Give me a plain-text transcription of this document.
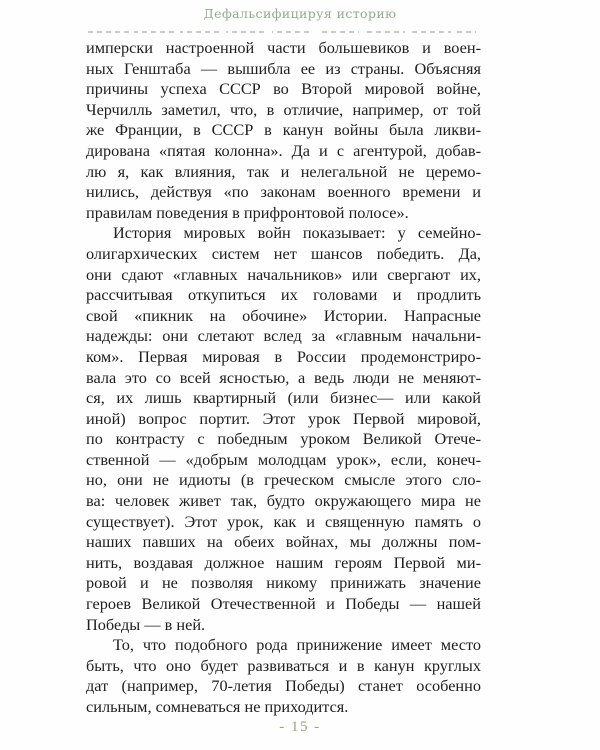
Дефальсифицируя историю
имперски настроенной части большевиков и воен-
ных Генштаба — вышибла ее из страны. Объясняя
причины успеха СССР во Второй мировой войне,
Черчилль заметил, что, в отличие, например, от той
же Франции, в СССР в канун войны была ликви-
дирована «пятая колонна». Да и с агентурой, добав-
лю я, как влияния, так и нелегальной не церемо-
нились, действуя «по законам военного времени и
правилам поведения в прифронтовой полосе».
История мировых войн показывает: у семейно-
олигархических систем нет шансов победить. Да,
они сдают «главных начальников» или свергают их,
рассчитывая откупиться их головами и продлить
свой «пикник на обочине» Истории. Напрасные
надежды: они слетают вслед за «главным начальни-
ком». Первая мировая в России продемонстриро-
вала это со всей ясностью, а ведь люди не меняют-
ся, их лишь квартирный (или бизнес— или какой
иной) вопрос портит. Этот урок Первой мировой,
по контрасту с победным уроком Великой Отече-
ственной — «добрым молодцам урок», если, конеч-
но, они не идиоты (в греческом смысле этого сло-
ва: человек живет так, будто окружающего мира не
существует). Этот урок, как и священную память о
наших павших на обеих войнах, мы должны пом-
нить, воздавая должное нашим героям Первой ми-
ровой и не позволяя никому принижать значение
героев Великой Отечественной и Победы — нашей
Победы — в ней.
То, что подобного рода принижение имеет место
быть, что оно будет развиваться и в канун круглых
дат (например, 70-летия Победы) станет особенно
сильным, сомневаться не приходится.
- 15 -
